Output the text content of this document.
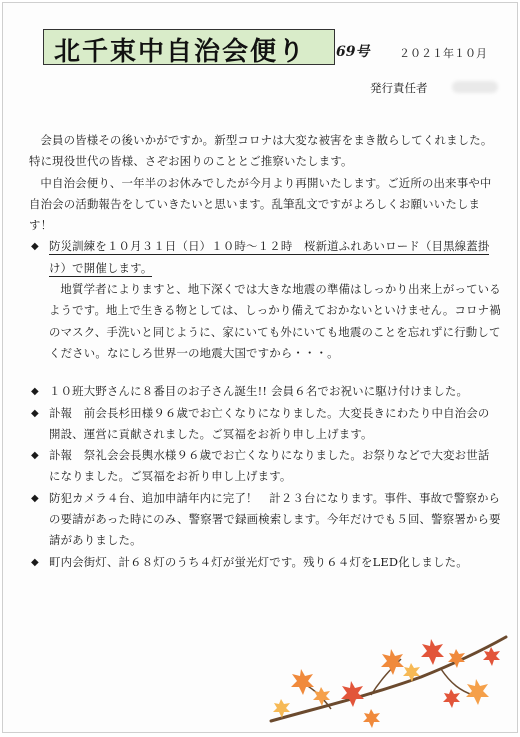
北千束中自治会便り 69号	２０２１年１０月
発行責任者

会員の皆様その後いかがですか。新型コロナは大変な被害をまき散らしてくれました。特に現役世代の皆様、さぞお困りのこととご推察いたします。

中自治会便り、一年半のお休みでしたが今月より再開いたします。ご近所の出来事や中自治会の活動報告をしていきたいと思います。乱筆乱文ですがよろしくお願いいたします！

◆ 防災訓練を１０月３１日（日）１０時～１２時　桜新道ふれあいロード（目黒線蓋掛け）で開催します。

地質学者によりますと、地下深くでは大きな地震の準備はしっかり出来上がっているようです。地上で生きる物としては、しっかり備えておかないといけません。コロナ禍のマスク、手洗いと同じように、家にいても外にいても地震のことを忘れずに行動してください。なにしろ世界一の地震大国ですから・・・。

◆ １０班大野さんに８番目のお子さん誕生!! 会員６名でお祝いに駆け付けました。
◆ 訃報　前会長杉田様９６歳でお亡くなりになりました。大変長きにわたり中自治会の開設、運営に貢献されました。ご冥福をお祈り申し上げます。
◆ 訃報　祭礼会会長輿水様９６歳でお亡くなりになりました。お祭りなどで大変お世話になりました。ご冥福をお祈り申し上げます。
◆ 防犯カメラ４台、追加申請年内に完了！　計２３台になります。事件、事故で警察からの要請があった時にのみ、警察署で録画検索します。今年だけでも５回、警察署から要請がありました。
◆ 町内会街灯、計６８灯のうち４灯が蛍光灯です。残り６４灯をLED化しました。
